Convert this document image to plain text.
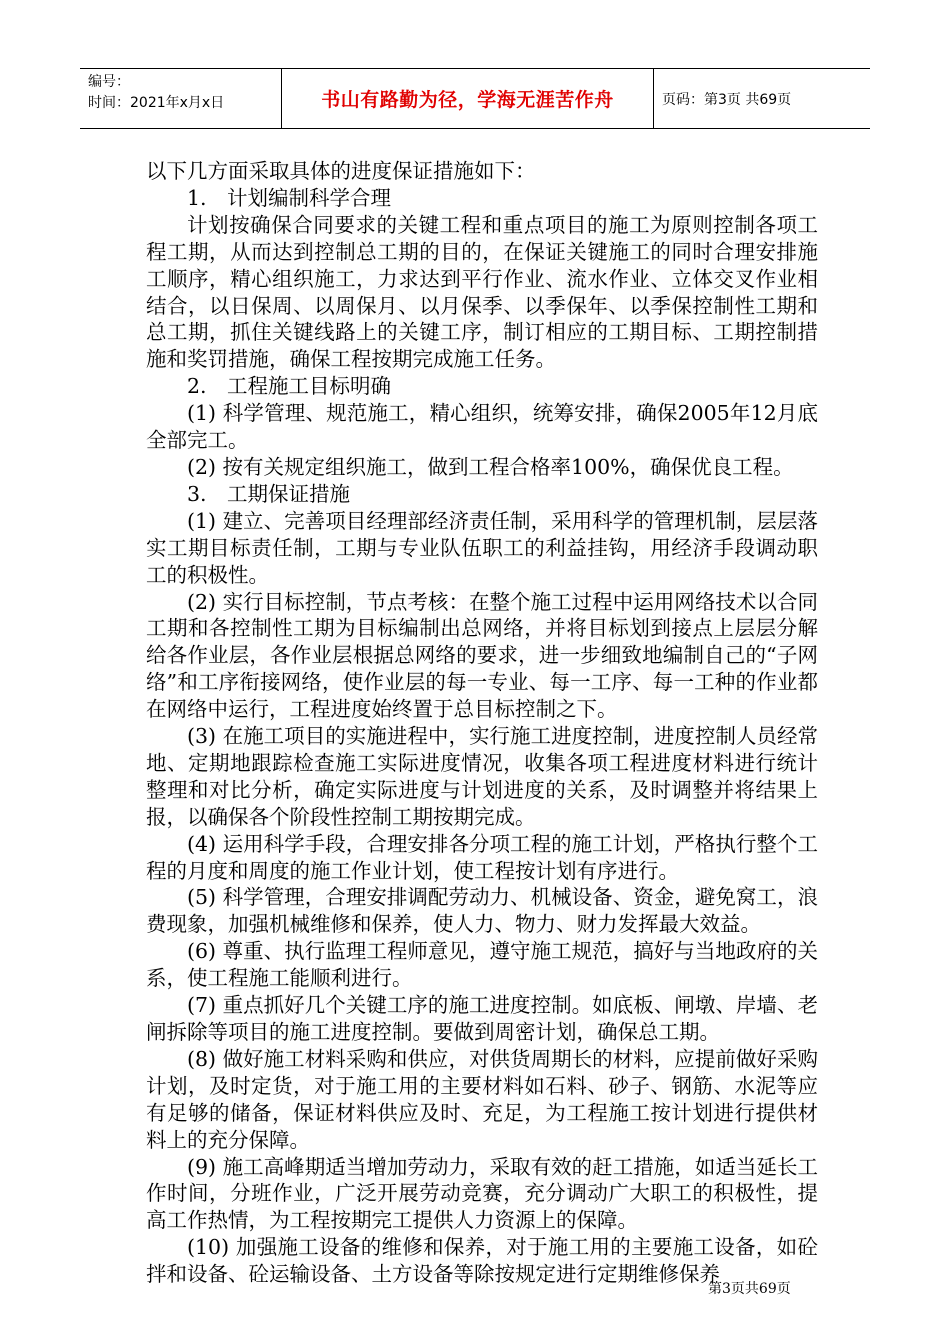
编号：
时间：2021年x月x日	书山有路勤为径，学海无涯苦作舟	页码：第3页 共69页

以下几方面采取具体的进度保证措施如下：

1.　计划编制科学合理

计划按确保合同要求的关键工程和重点项目的施工为原则控制各项工程工期，从而达到控制总工期的目的，在保证关键施工的同时合理安排施工顺序，精心组织施工，力求达到平行作业、流水作业、立体交叉作业相结合，以日保周、以周保月、以月保季、以季保年、以季保控制性工期和总工期，抓住关键线路上的关键工序，制订相应的工期目标、工期控制措施和奖罚措施，确保工程按期完成施工任务。

2.　工程施工目标明确

(1) 科学管理、规范施工，精心组织，统筹安排，确保2005年12月底全部完工。

(2) 按有关规定组织施工，做到工程合格率100%，确保优良工程。

3.　工期保证措施

(1) 建立、完善项目经理部经济责任制，采用科学的管理机制，层层落实工期目标责任制，工期与专业队伍职工的利益挂钩，用经济手段调动职工的积极性。

(2) 实行目标控制，节点考核：在整个施工过程中运用网络技术以合同工期和各控制性工期为目标编制出总网络，并将目标划到接点上层层分解给各作业层，各作业层根据总网络的要求，进一步细致地编制自己的“子网络”和工序衔接网络，使作业层的每一专业、每一工序、每一工种的作业都在网络中运行，工程进度始终置于总目标控制之下。

(3) 在施工项目的实施进程中，实行施工进度控制，进度控制人员经常地、定期地跟踪检查施工实际进度情况，收集各项工程进度材料进行统计整理和对比分析，确定实际进度与计划进度的关系，及时调整并将结果上报，以确保各个阶段性控制工期按期完成。

(4) 运用科学手段，合理安排各分项工程的施工计划，严格执行整个工程的月度和周度的施工作业计划，使工程按计划有序进行。

(5) 科学管理，合理安排调配劳动力、机械设备、资金，避免窝工，浪费现象，加强机械维修和保养，使人力、物力、财力发挥最大效益。

(6) 尊重、执行监理工程师意见，遵守施工规范，搞好与当地政府的关系，使工程施工能顺利进行。

(7) 重点抓好几个关键工序的施工进度控制。如底板、闸墩、岸墙、老闸拆除等项目的施工进度控制。要做到周密计划，确保总工期。

(8) 做好施工材料采购和供应，对供货周期长的材料，应提前做好采购计划，及时定货，对于施工用的主要材料如石料、砂子、钢筋、水泥等应有足够的储备，保证材料供应及时、充足，为工程施工按计划进行提供材料上的充分保障。

(9) 施工高峰期适当增加劳动力，采取有效的赶工措施，如适当延长工作时间，分班作业，广泛开展劳动竞赛，充分调动广大职工的积极性，提高工作热情，为工程按期完工提供人力资源上的保障。

(10) 加强施工设备的维修和保养，对于施工用的主要施工设备，如砼拌和设备、砼运输设备、土方设备等除按规定进行定期维修保养

第3页共69页
